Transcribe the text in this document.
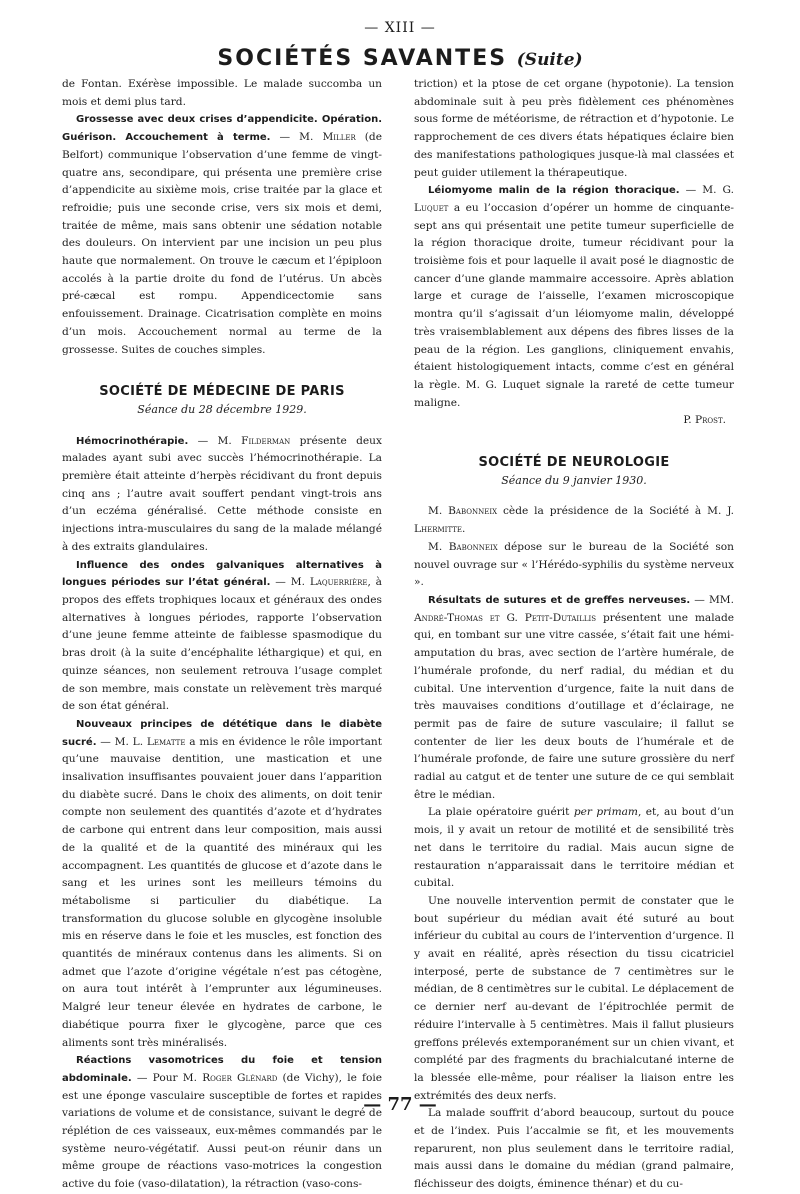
— XIII —
SOCIÉTÉS SAVANTES (Suite)

de Fontan. Exérèse impossible. Le malade succomba un mois et demi plus tard.

Grossesse avec deux crises d’appendicite. Opération. Guérison. Accouchement à terme. — M. Miller (de Belfort) communique l’observation d’une femme de vingt-quatre ans, secondipare, qui présenta une première crise d’appendicite au sixième mois, crise traitée par la glace et refroidie; puis une seconde crise, vers six mois et demi, traitée de même, mais sans obtenir une sédation notable des douleurs. On intervient par une incision un peu plus haute que normalement. On trouve le cæcum et l’épiploon accolés à la partie droite du fond de l’utérus. Un abcès pré-cæcal est rompu. Appendicectomie sans enfouissement. Drainage. Cicatrisation complète en moins d’un mois. Accouchement normal au terme de la grossesse. Suites de couches simples.

SOCIÉTÉ DE MÉDECINE DE PARIS
Séance du 28 décembre 1929.

Hémocrinothérapie. — M. Filderman présente deux malades ayant subi avec succès l’hémocrinothérapie. La première était atteinte d’herpès récidivant du front depuis cinq ans ; l’autre avait souffert pendant vingt-trois ans d’un eczéma généralisé. Cette méthode consiste en injections intra-musculaires du sang de la malade mélangé à des extraits glandulaires.

Influence des ondes galvaniques alternatives à longues périodes sur l’état général. — M. Laquerrière, à propos des effets trophiques locaux et généraux des ondes alternatives à longues périodes, rapporte l’observation d’une jeune femme atteinte de faiblesse spasmodique du bras droit (à la suite d’encéphalite léthargique) et qui, en quinze séances, non seulement retrouva l’usage complet de son membre, mais constate un relèvement très marqué de son état général.

Nouveaux principes de dététique dans le diabète sucré. — M. L. Lematte a mis en évidence le rôle important qu’une mauvaise dentition, une mastication et une insalivation insuffisantes pouvaient jouer dans l’apparition du diabète sucré. Dans le choix des aliments, on doit tenir compte non seulement des quantités d’azote et d’hydrates de carbone qui entrent dans leur composition, mais aussi de la qualité et de la quantité des minéraux qui les accompagnent. Les quantités de glucose et d’azote dans le sang et les urines sont les meilleurs témoins du métabolisme si particulier du diabétique. La transformation du glucose soluble en glycogène insoluble mis en réserve dans le foie et les muscles, est fonction des quantités de minéraux contenus dans les aliments. Si on admet que l’azote d’origine végétale n’est pas cétogène, on aura tout intérêt à l’emprunter aux légumineuses. Malgré leur teneur élevée en hydrates de carbone, le diabétique pourra fixer le glycogène, parce que ces aliments sont très minéralisés.

Réactions vasomotrices du foie et tension abdominale. — Pour M. Roger Glénard (de Vichy), le foie est une éponge vasculaire susceptible de fortes et rapides variations de volume et de consistance, suivant le degré de réplétion de ces vaisseaux, eux-mêmes commandés par le système neuro-végétatif. Aussi peut-on réunir dans un même groupe de réactions vaso-motrices la congestion active du foie (vaso-dilatation), la rétraction (vaso-cons-

triction) et la ptose de cet organe (hypotonie). La tension abdominale suit à peu près fidèlement ces phénomènes sous forme de météorisme, de rétraction et d’hypotonie. Le rapprochement de ces divers états hépatiques éclaire bien des manifestations pathologiques jusque-là mal classées et peut guider utilement la thérapeutique.

Léiomyome malin de la région thoracique. — M. G. Luquet a eu l’occasion d’opérer un homme de cinquante-sept ans qui présentait une petite tumeur superficielle de la région thoracique droite, tumeur récidivant pour la troisième fois et pour laquelle il avait posé le diagnostic de cancer d’une glande mammaire accessoire. Après ablation large et curage de l’aisselle, l’examen microscopique montra qu’il s’agissait d’un léiomyome malin, développé très vraisemblablement aux dépens des fibres lisses de la peau de la région. Les ganglions, cliniquement envahis, étaient histologiquement intacts, comme c’est en général la règle. M. G. Luquet signale la rareté de cette tumeur maligne.

P. Prost.
SOCIÉTÉ DE NEUROLOGIE
Séance du 9 janvier 1930.

M. Babonneix cède la présidence de la Société à M. J. Lhermitte.

M. Babonneix dépose sur le bureau de la Société son nouvel ouvrage sur « l’Hérédo-syphilis du système nerveux ».

Résultats de sutures et de greffes nerveuses. — MM. André-Thomas et G. Petit-Dutaillis présentent une malade qui, en tombant sur une vitre cassée, s’était fait une hémi-amputation du bras, avec section de l’artère humérale, de l’humérale profonde, du nerf radial, du médian et du cubital. Une intervention d’urgence, faite la nuit dans de très mauvaises conditions d’outillage et d’éclairage, ne permit pas de faire de suture vasculaire; il fallut se contenter de lier les deux bouts de l’humérale et de l’humérale profonde, de faire une suture grossière du nerf radial au catgut et de tenter une suture de ce qui semblait être le médian.

La plaie opératoire guérit per primam, et, au bout d’un mois, il y avait un retour de motilité et de sensibilité très net dans le territoire du radial. Mais aucun signe de restauration n’apparaissait dans le territoire médian et cubital.

Une nouvelle intervention permit de constater que le bout supérieur du médian avait été suturé au bout inférieur du cubital au cours de l’intervention d’urgence. Il y avait en réalité, après résection du tissu cicatriciel interposé, perte de substance de 7 centimètres sur le médian, de 8 centimètres sur le cubital. Le déplacement de ce dernier nerf au-devant de l’épitrochlée permit de réduire l’intervalle à 5 centimètres. Mais il fallut plusieurs greffons prélevés extemporanément sur un chien vivant, et complété par des fragments du brachialcutané interne de la blessée elle-même, pour réaliser la liaison entre les extrémités des deux nerfs.

La malade souffrit d’abord beaucoup, surtout du pouce et de l’index. Puis l’accalmie se fit, et les mouvements reparurent, non plus seulement dans le territoire radial, mais aussi dans le domaine du médian (grand palmaire, fléchisseur des doigts, éminence thénar) et du cu-

— 77 —
